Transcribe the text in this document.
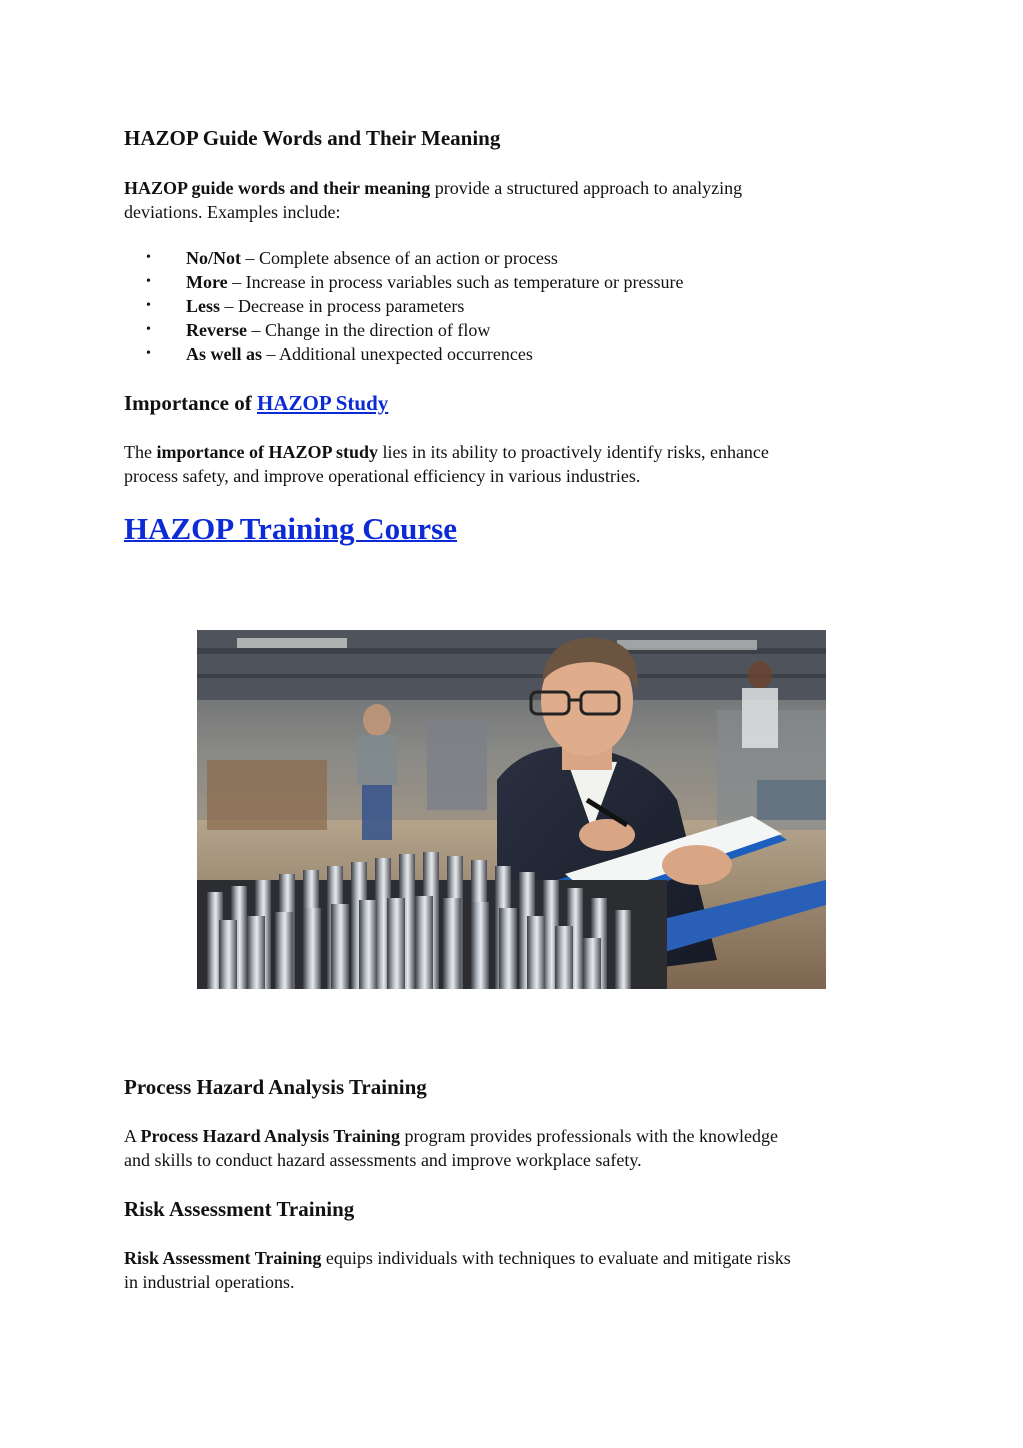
HAZOP Guide Words and Their Meaning

HAZOP guide words and their meaning provide a structured approach to analyzing
deviations. Examples include:

• No/Not – Complete absence of an action or process
• More – Increase in process variables such as temperature or pressure
• Less – Decrease in process parameters
• Reverse – Change in the direction of flow
• As well as – Additional unexpected occurrences
Importance of HAZOP Study

The importance of HAZOP study lies in its ability to proactively identify risks, enhance
process safety, and improve operational efficiency in various industries.

HAZOP Training Course
Process Hazard Analysis Training

A Process Hazard Analysis Training program provides professionals with the knowledge
and skills to conduct hazard assessments and improve workplace safety.

Risk Assessment Training

Risk Assessment Training equips individuals with techniques to evaluate and mitigate risks
in industrial operations.
